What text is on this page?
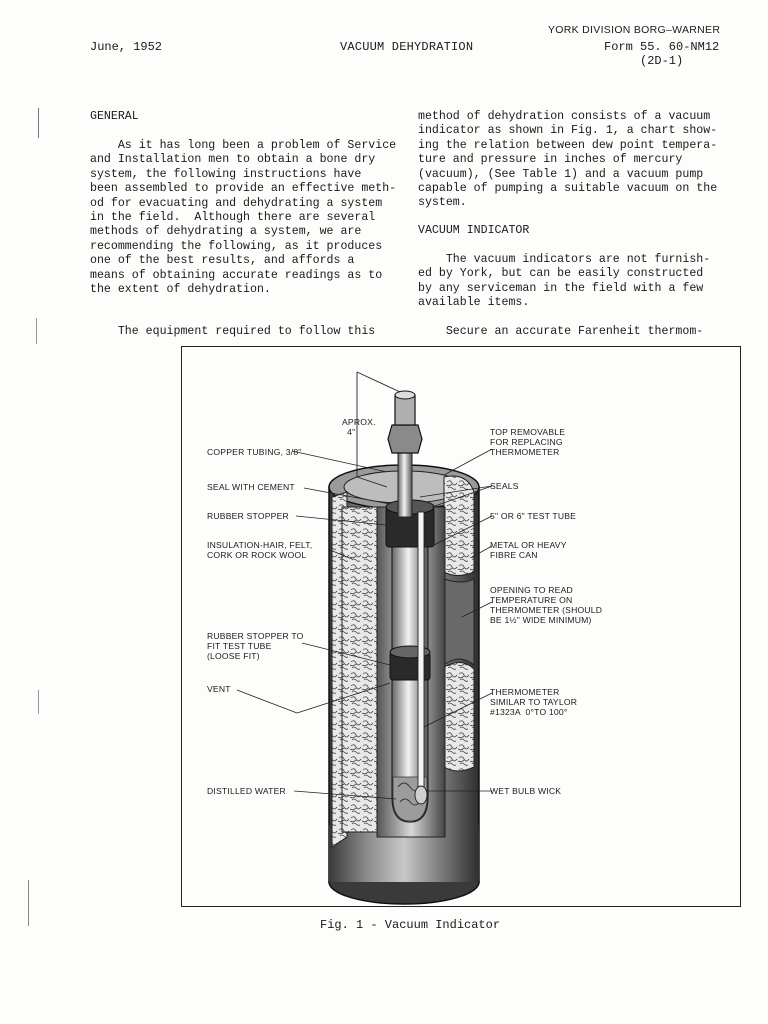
YORK DIVISION BORG–WARNER
June, 1952	VACUUM DEHYDRATION	Form 55. 60-NM12
(2D-1)
GENERAL
As it has long been a problem of Service
and Installation men to obtain a bone dry
system, the following instructions have
been assembled to provide an effective meth-
od for evacuating and dehydrating a system
in the field.  Although there are several
methods of dehydrating a system, we are
recommending the following, as it produces
one of the best results, and affords a
means of obtaining accurate readings as to
the extent of dehydration.
The equipment required to follow this
method of dehydration consists of a vacuum
indicator as shown in Fig. 1, a chart show-
ing the relation between dew point tempera-
ture and pressure in inches of mercury
(vacuum), (See Table 1) and a vacuum pump
capable of pumping a suitable vacuum on the
system.
VACUUM INDICATOR
The vacuum indicators are not furnish-
ed by York, but can be easily constructed
by any serviceman in the field with a few
available items.
Secure an accurate Farenheit thermom-
APROX.
4"
COPPER TUBING, 3/8"
SEAL WITH CEMENT
RUBBER STOPPER
INSULATION-HAIR, FELT,
CORK OR ROCK WOOL
RUBBER STOPPER TO
FIT TEST TUBE
(LOOSE FIT)
VENT
DISTILLED WATER
TOP REMOVABLE
FOR REPLACING
THERMOMETER
SEALS
5" OR 6" TEST TUBE
METAL OR HEAVY
FIBRE CAN
OPENING TO READ
TEMPERATURE ON
THERMOMETER (SHOULD
BE 1½" WIDE MINIMUM)
THERMOMETER
SIMILAR TO TAYLOR
#1323A  0°TO 100°
WET BULB WICK
Fig. 1 - Vacuum Indicator
